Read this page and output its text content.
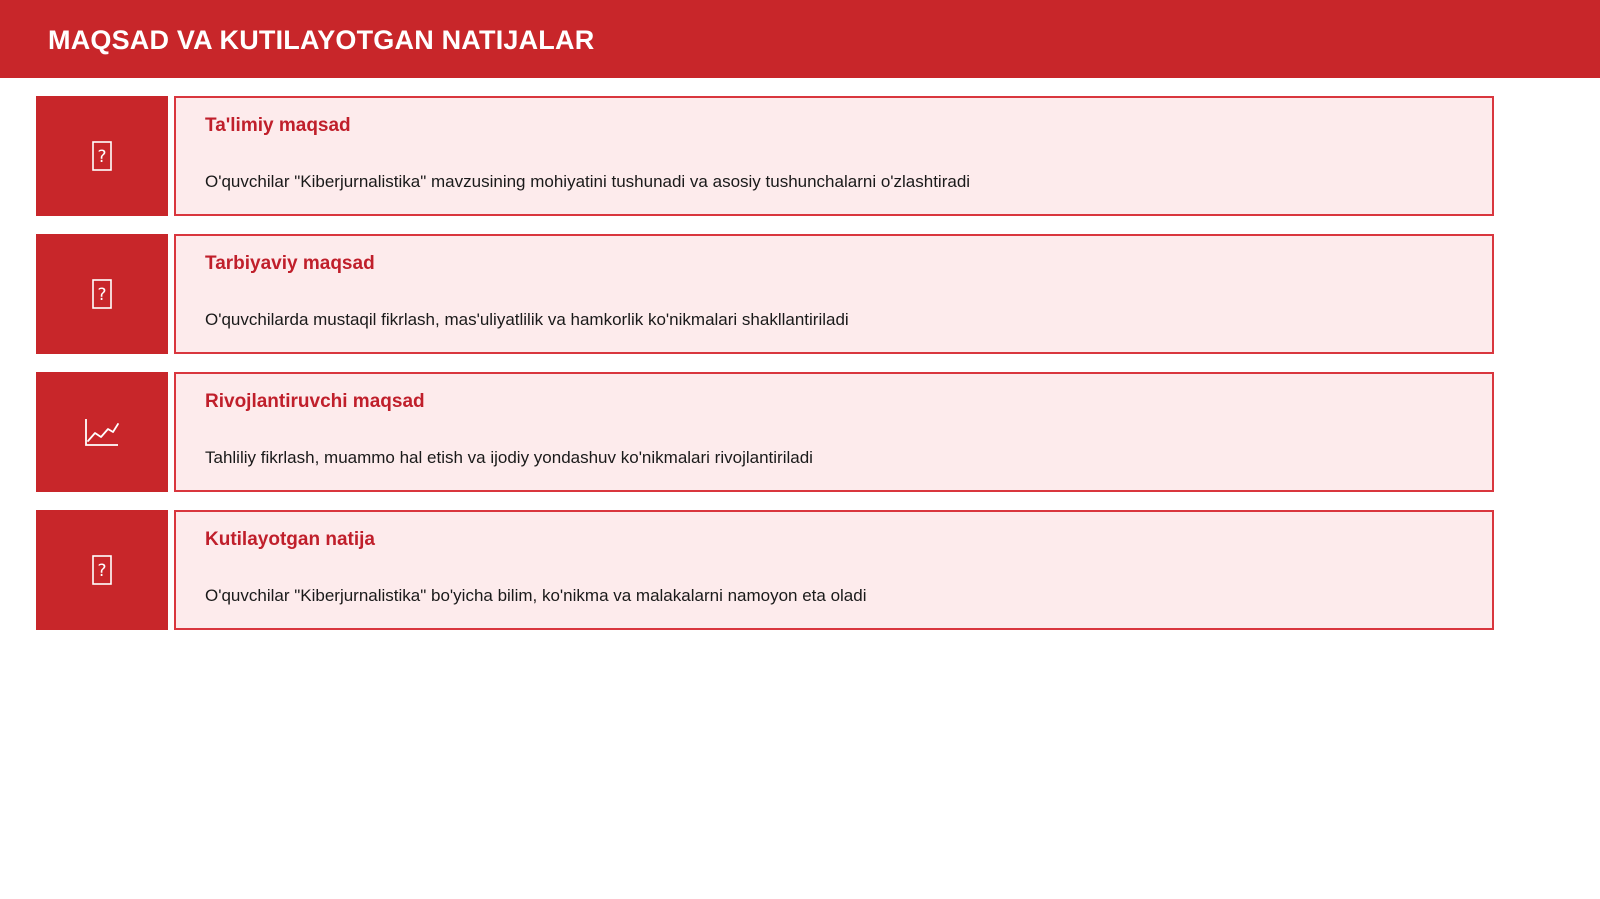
MAQSAD VA KUTILAYOTGAN NATIJALAR
?
Ta'limiy maqsad
O'quvchilar "Kiberjurnalistika" mavzusining mohiyatini tushunadi va asosiy tushunchalarni o'zlashtiradi
?
Tarbiyaviy maqsad
O'quvchilarda mustaqil fikrlash, mas'uliyatlilik va hamkorlik ko'nikmalari shakllantiriladi
Rivojlantiruvchi maqsad
Tahliliy fikrlash, muammo hal etish va ijodiy yondashuv ko'nikmalari rivojlantiriladi
?
Kutilayotgan natija
O'quvchilar "Kiberjurnalistika" bo'yicha bilim, ko'nikma va malakalarni namoyon eta oladi
